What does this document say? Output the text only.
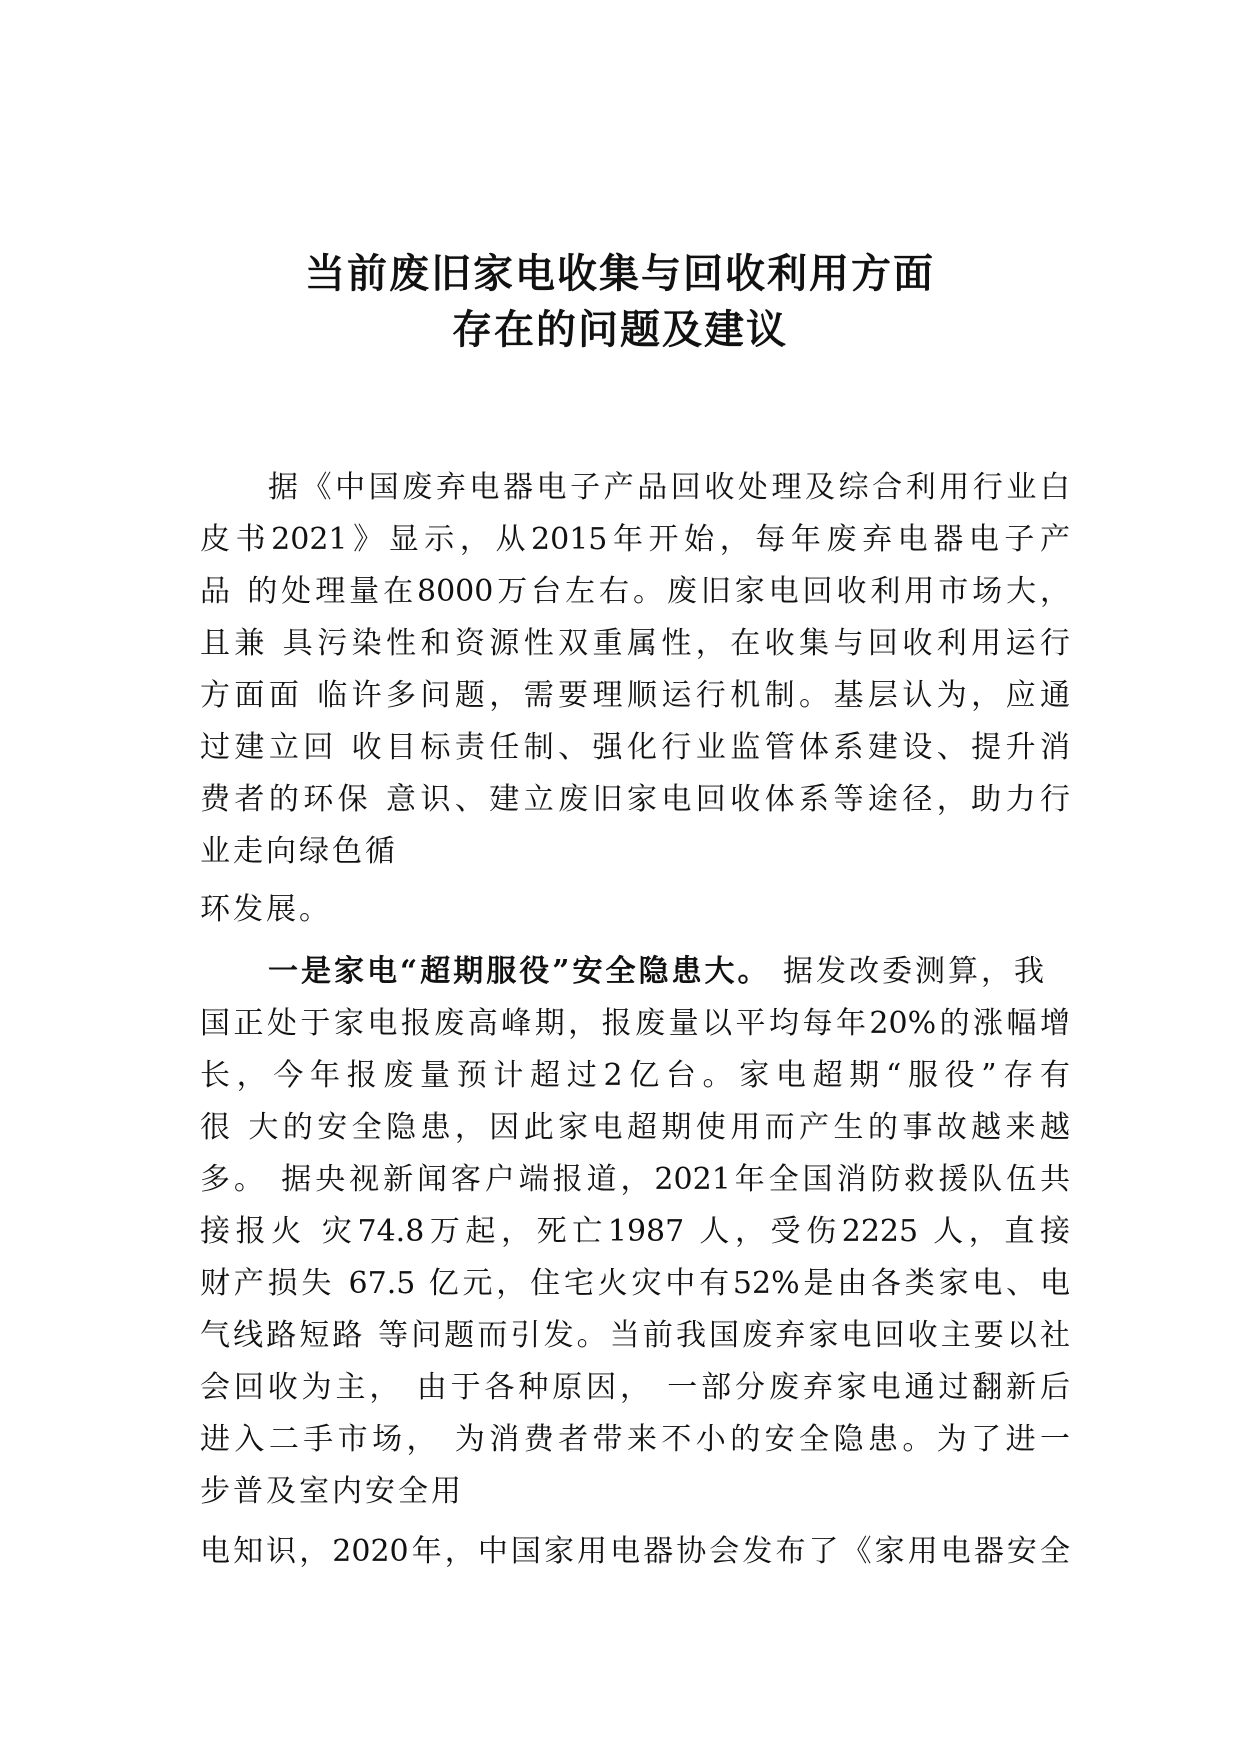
当前废旧家电收集与回收利用方面
存在的问题及建议

据《中国废弃电器电子产品回收处理及综合利用行业白

皮书2021》显示，从2015年开始，每年废弃电器电子产

品 的处理量在8000万台左右。废旧家电回收利用市场大，

且兼 具污染性和资源性双重属性，在收集与回收利用运行

方面面 临许多问题，需要理顺运行机制。基层认为，应通

过建立回 收目标责任制、强化行业监管体系建设、提升消

费者的环保 意识、建立废旧家电回收体系等途径，助力行

业走向绿色循

环发展。

一是家电“超期服役”安全隐患大。 据发改委测算，我

国正处于家电报废高峰期，报废量以平均每年20%的涨幅增

长，今年报废量预计超过2亿台。家电超期“服役”存有

很 大的安全隐患，因此家电超期使用而产生的事故越来越

多。 据央视新闻客户端报道，2021年全国消防救援队伍共

接报火 灾74.8万起，死亡1987 人，受伤2225 人，直接

财产损失 67.5 亿元，住宅火灾中有52%是由各类家电、电

气线路短路 等问题而引发。当前我国废弃家电回收主要以社

会回收为主， 由于各种原因， 一部分废弃家电通过翻新后

进入二手市场， 为消费者带来不小的安全隐患。为了进一

步普及室内安全用

电知识，2020年，中国家用电器协会发布了《家用电器安全
